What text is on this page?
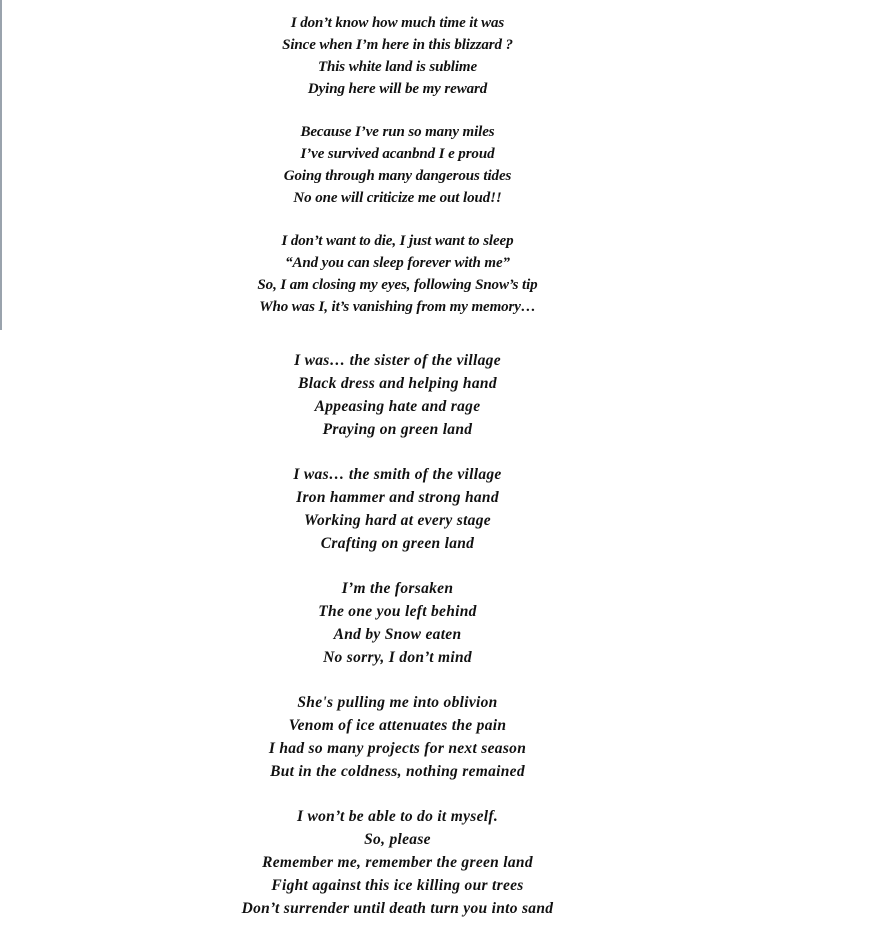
I don’t know how much time it was
Since when I’m here in this blizzard ?
This white land is sublime
Dying here will be my reward
Because I’ve run so many miles
I’ve survived acanbnd I e proud
Going through many dangerous tides
No one will criticize me out loud!!
I don’t want to die, I just want to sleep
“And you can sleep forever with me”
So, I am closing my eyes, following Snow’s tip
Who was I, it’s vanishing from my memory…
I was… the sister of the village
Black dress and helping hand
Appeasing hate and rage
Praying on green land
I was… the smith of the village
Iron hammer and strong hand
Working hard at every stage
Crafting on green land
I’m the forsaken
The one you left behind
And by Snow eaten
No sorry, I don’t mind
She's pulling me into oblivion
Venom of ice attenuates the pain
I had so many projects for next season
But in the coldness, nothing remained
I won’t be able to do it myself.
So, please
Remember me, remember the green land
Fight against this ice killing our trees
Don’t surrender until death turn you into sand
